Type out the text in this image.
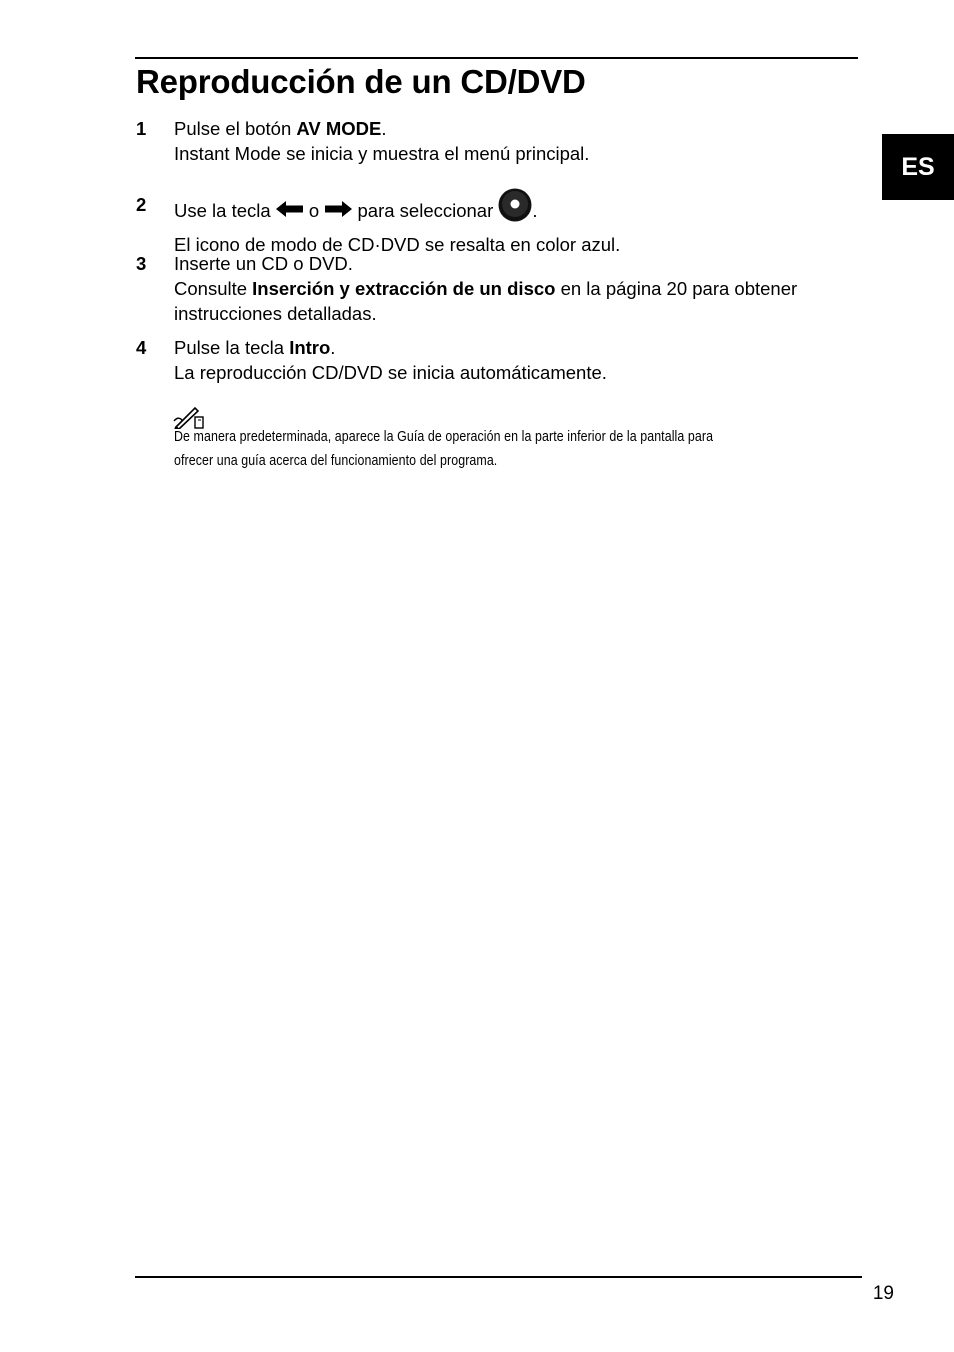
Reproducción de un CD/DVD
ES
1 Pulse el botón AV MODE.
Instant Mode se inicia y muestra el menú principal.
2 Use la tecla  o  para seleccionar .
El icono de modo de CD·DVD se resalta en color azul.
3 Inserte un CD o DVD.
Consulte Inserción y extracción de un disco en la página 20 para obtener
instrucciones detalladas.
4 Pulse la tecla Intro.
La reproducción CD/DVD se inicia automáticamente.
De manera predeterminada, aparece la Guía de operación en la parte inferior de la pantalla para
ofrecer una guía acerca del funcionamiento del programa.
19
